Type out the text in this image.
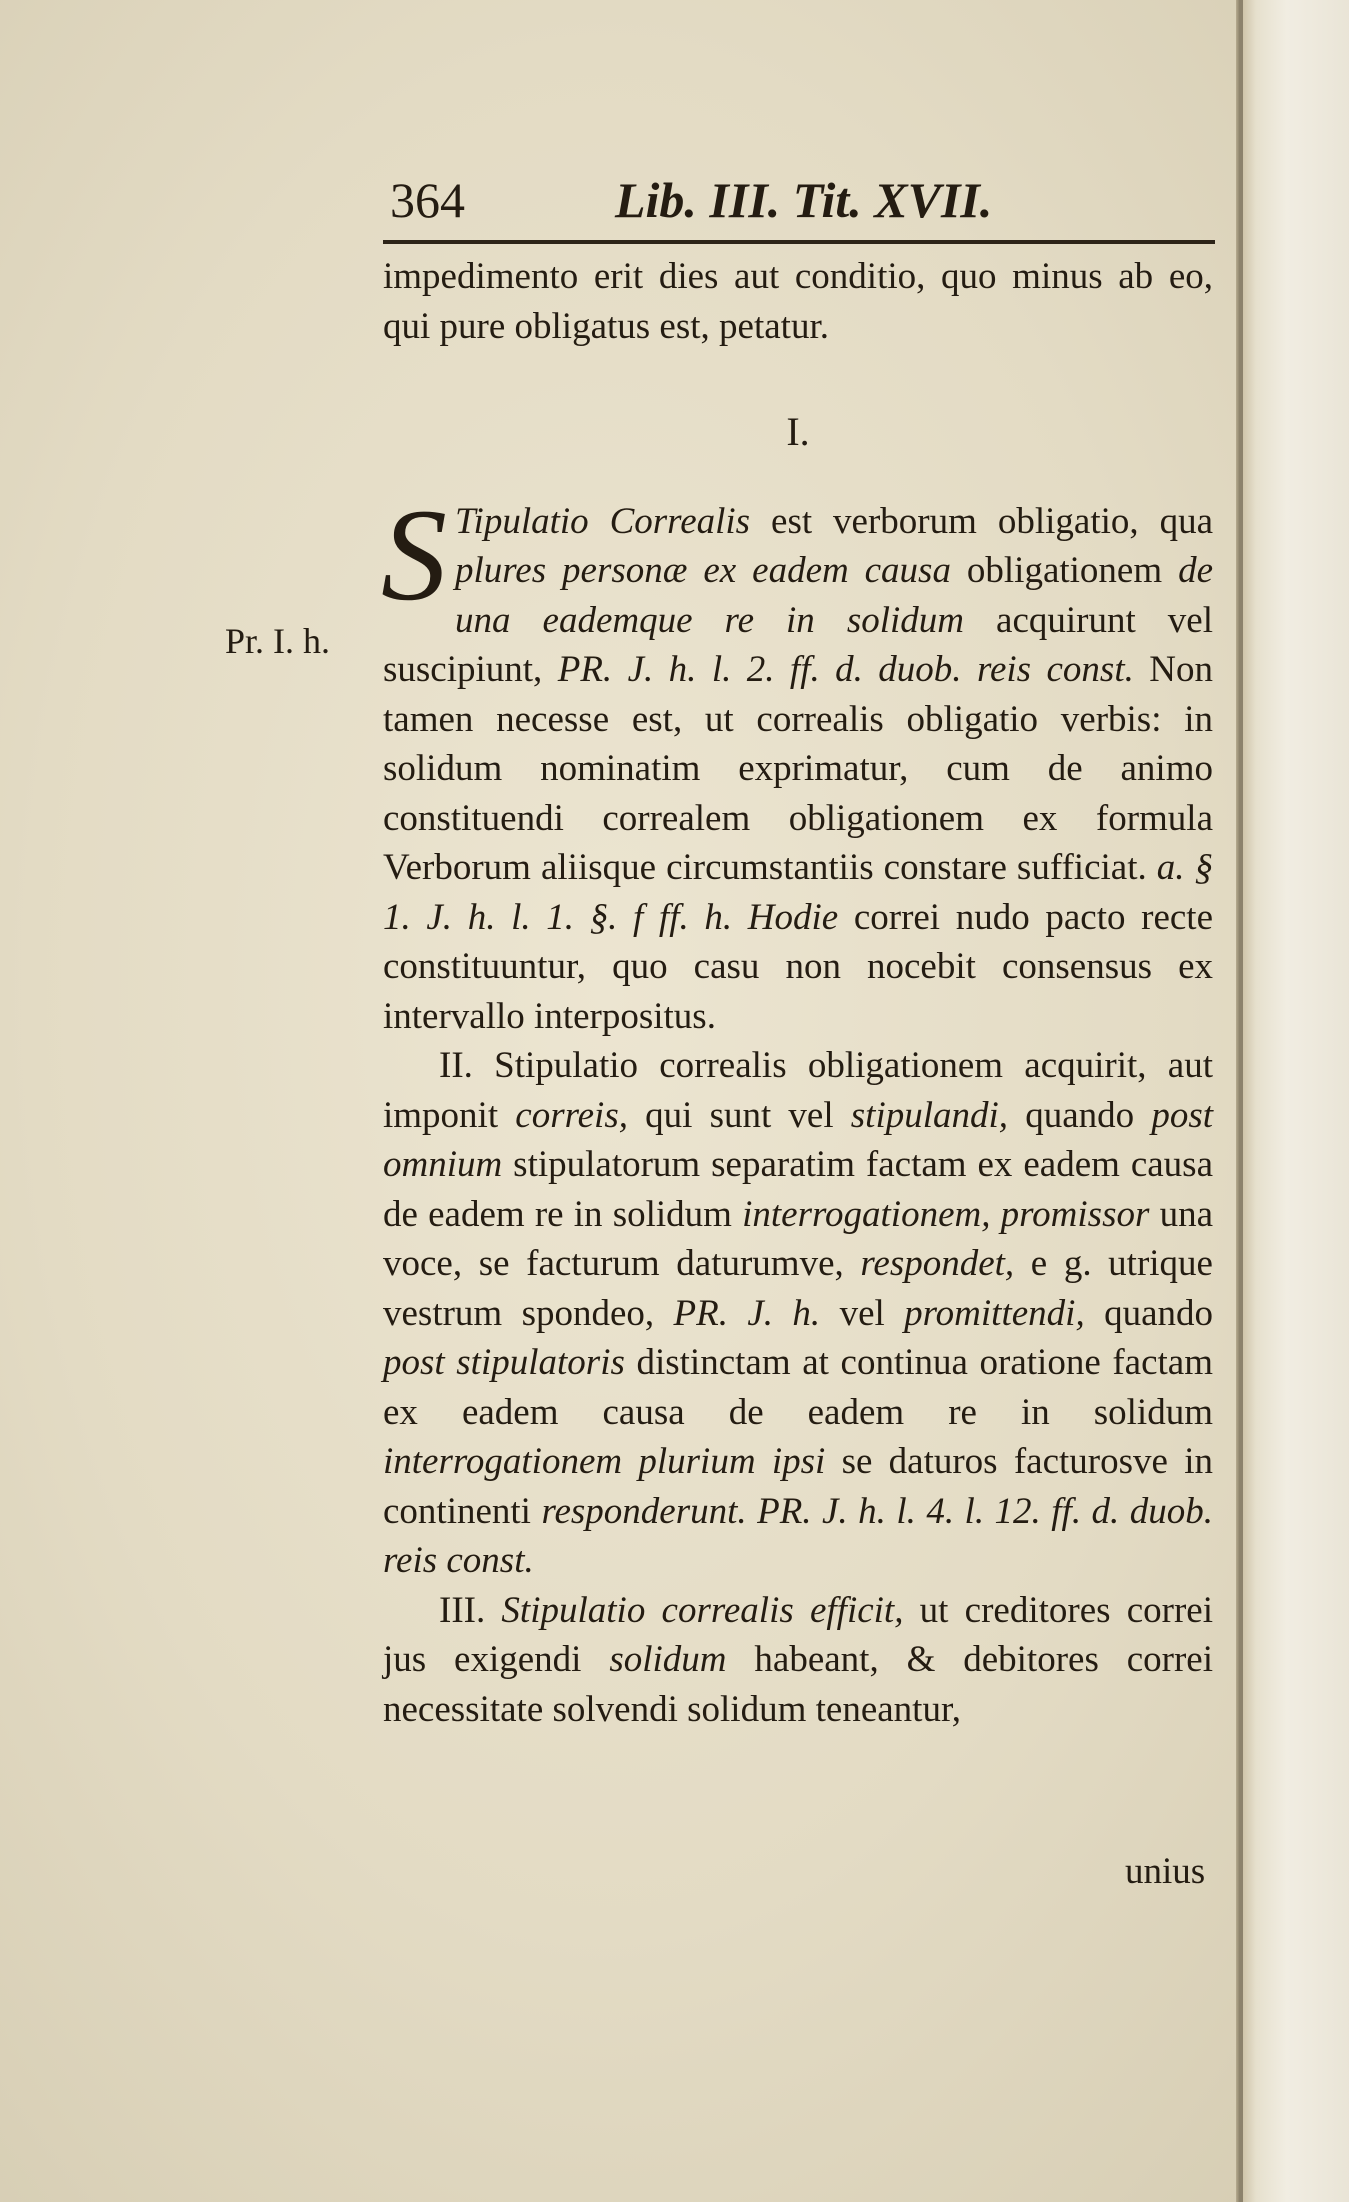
364	Lib. III. Tit. XVII.
Pr. I. h.

impedimento erit dies aut conditio, quo minus ab eo, qui pure obligatus est, petatur.

I.

S Tipulatio Correalis est verborum obligatio, qua plures personæ ex eadem causa obligationem de una eademque re in solidum acquirunt vel suscipiunt, PR. J. h. l. 2. ff. d. duob. reis const. Non tamen necesse est, ut correalis obligatio verbis: in solidum nominatim exprimatur, cum de animo constituendi correalem obligationem ex formula Verborum aliisque circumstantiis constare sufficiat. a. § 1. J. h. l. 1. §. f ff. h. Hodie correi nudo pacto recte constituuntur, quo casu non nocebit consensus ex intervallo interpositus.

II. Stipulatio correalis obligationem acquirit, aut imponit correis, qui sunt vel stipulandi, quando post omnium stipulatorum separatim factam ex eadem causa de eadem re in solidum interrogationem, promissor una voce, se facturum daturumve, respondet, e g. utrique vestrum spondeo, PR. J. h. vel promittendi, quando post stipulatoris distinctam at continua oratione factam ex eadem causa de eadem re in solidum interrogationem plurium ipsi se daturos facturosve in continenti responderunt. PR. J. h. l. 4. l. 12. ff. d. duob. reis const.

III. Stipulatio correalis efficit, ut creditores correi jus exigendi solidum habeant, & debitores correi necessitate solvendi solidum teneantur,

unius
